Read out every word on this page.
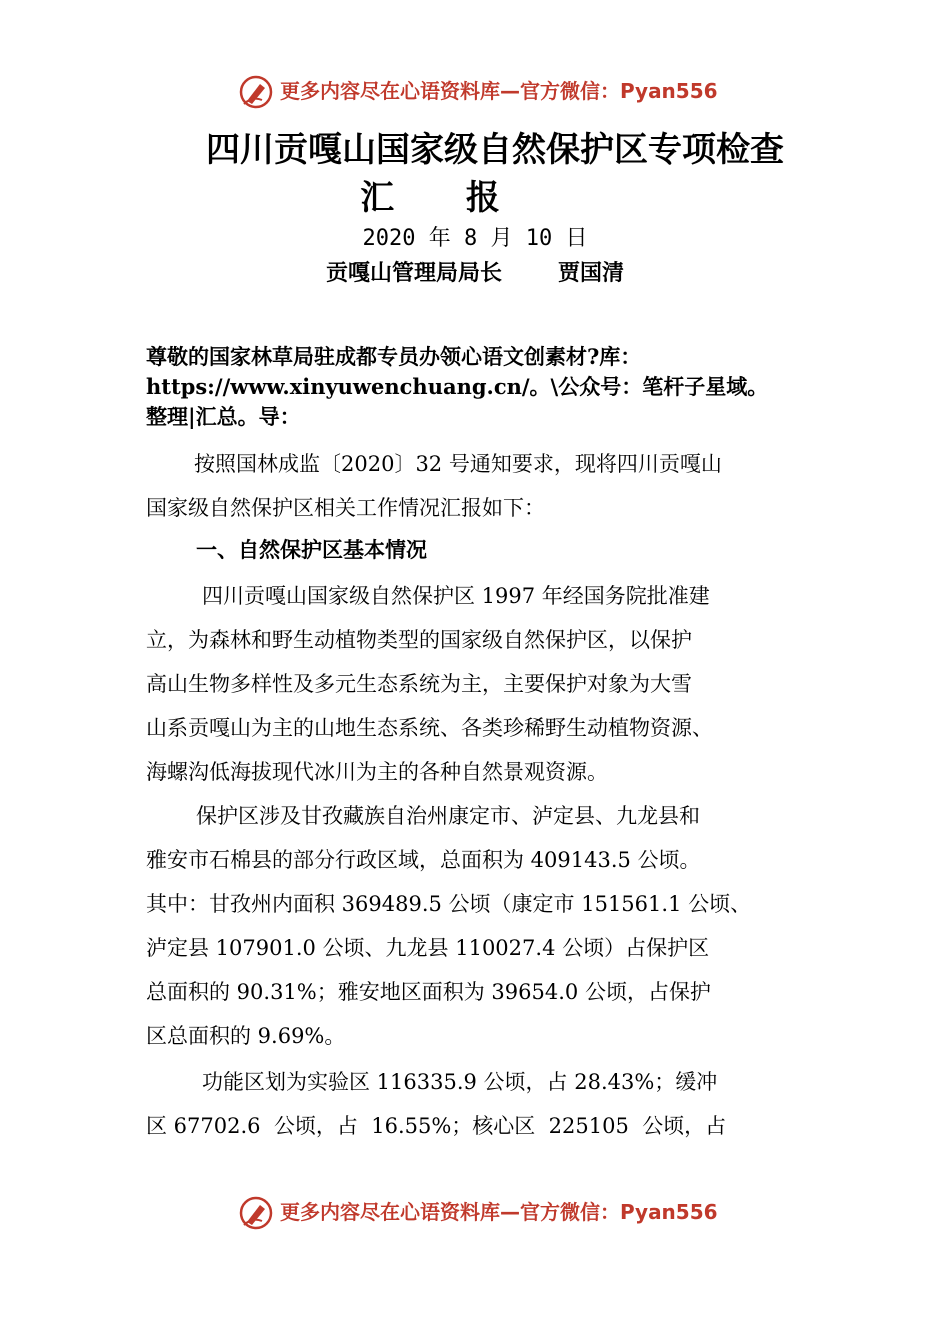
更多内容尽在心语资料库—官方微信：Pyan556
四川贡嘎山国家级自然保护区专项检查
汇 报
2020 年 8 月 10 日
贡嘎山管理局局长	贾国清
尊敬的国家林草局驻成都专员办领心语文创素材?库：
https://www.xinyuwenchuang.cn/。\公众号：笔杆子星域。
整理|汇总。导：
按照国林成监〔2020〕32 号通知要求，现将四川贡嘎山
国家级自然保护区相关工作情况汇报如下：
一、自然保护区基本情况
四川贡嘎山国家级自然保护区 1997 年经国务院批准建
立，为森林和野生动植物类型的国家级自然保护区，以保护
高山生物多样性及多元生态系统为主，主要保护对象为大雪
山系贡嘎山为主的山地生态系统、各类珍稀野生动植物资源、
海螺沟低海拔现代冰川为主的各种自然景观资源。
保护区涉及甘孜藏族自治州康定市、泸定县、九龙县和
雅安市石棉县的部分行政区域，总面积为 409143.5 公顷。
其中：甘孜州内面积 369489.5 公顷（康定市 151561.1 公顷、
泸定县 107901.0 公顷、九龙县 110027.4 公顷）占保护区
总面积的 90.31%；雅安地区面积为 39654.0 公顷，占保护
区总面积的 9.69%。
功能区划为实验区 116335.9 公顷，占 28.43%；缓冲
区 67702.6  公顷，占  16.55%；核心区  225105  公顷，占
更多内容尽在心语资料库—官方微信：Pyan556
